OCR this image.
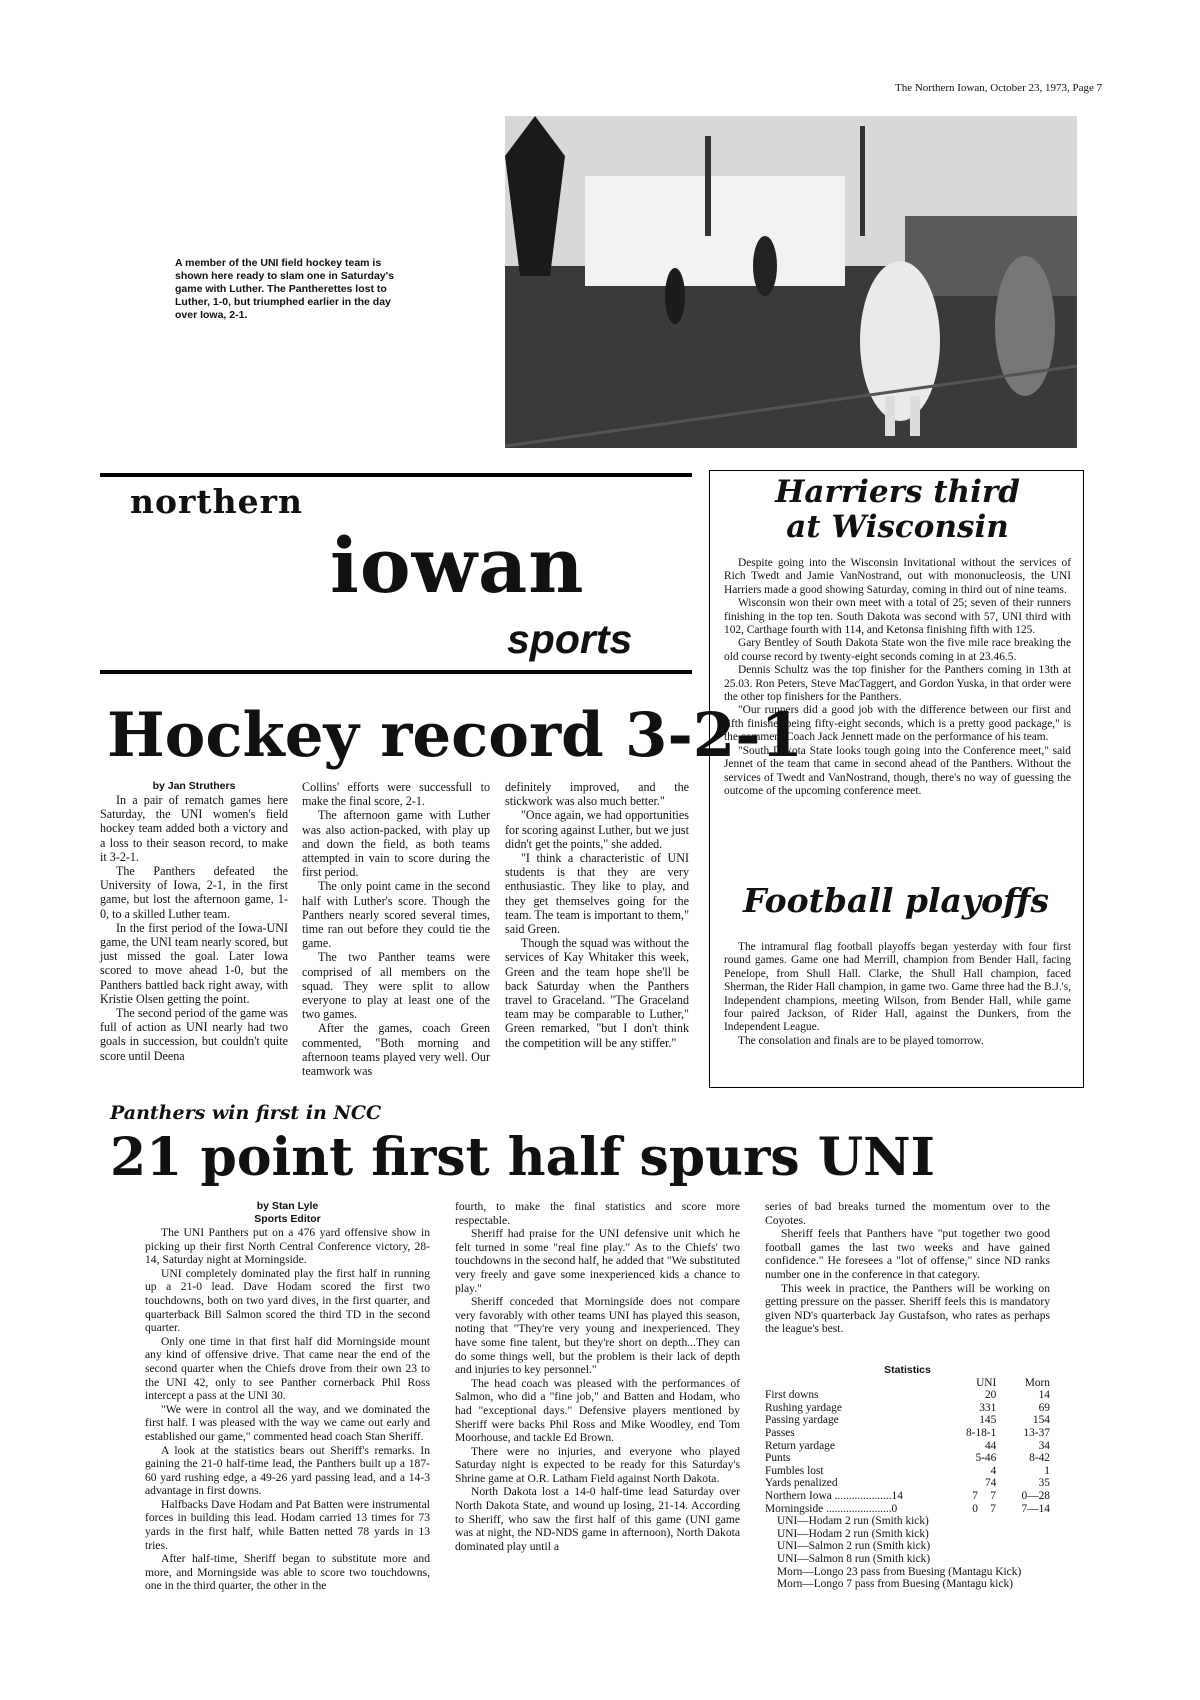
The Northern Iowan, October 23, 1973, Page 7
A member of the UNI field hockey team is shown here ready to slam one in Saturday's game with Luther. The Pantherettes lost to Luther, 1-0, but triumphed earlier in the day over Iowa, 2-1.
northern
iowan
sports
Hockey record 3-2-1
by Jan Struthers

In a pair of rematch games here Saturday, the UNI women's field hockey team added both a victory and a loss to their season record, to make it 3-2-1.

The Panthers defeated the University of Iowa, 2-1, in the first game, but lost the afternoon game, 1-0, to a skilled Luther team.

In the first period of the Iowa-UNI game, the UNI team nearly scored, but just missed the goal. Later Iowa scored to move ahead 1-0, but the Panthers battled back right away, with Kristie Olsen getting the point.

The second period of the game was full of action as UNI nearly had two goals in succession, but couldn't quite score until Deena

Collins' efforts were successfull to make the final score, 2-1.

The afternoon game with Luther was also action-packed, with play up and down the field, as both teams attempted in vain to score during the first period.

The only point came in the second half with Luther's score. Though the Panthers nearly scored several times, time ran out before they could tie the game.

The two Panther teams were comprised of all members on the squad. They were split to allow everyone to play at least one of the two games.

After the games, coach Green commented, "Both morning and afternoon teams played very well. Our teamwork was

definitely improved, and the stickwork was also much better."

"Once again, we had opportunities for scoring against Luther, but we just didn't get the points," she added.

"I think a characteristic of UNI students is that they are very enthusiastic. They like to play, and they get themselves going for the team. The team is important to them," said Green.

Though the squad was without the services of Kay Whitaker this week, Green and the team hope she'll be back Saturday when the Panthers travel to Graceland. "The Graceland team may be comparable to Luther," Green remarked, "but I don't think the competition will be any stiffer."

Harriers third at Wisconsin

Despite going into the Wisconsin Invitational without the services of Rich Twedt and Jamie VanNostrand, out with mononucleosis, the UNI Harriers made a good showing Saturday, coming in third out of nine teams.

Wisconsin won their own meet with a total of 25; seven of their runners finishing in the top ten. South Dakota was second with 57, UNI third with 102, Carthage fourth with 114, and Ketonsa finishing fifth with 125.

Gary Bentley of South Dakota State won the five mile race breaking the old course record by twenty-eight seconds coming in at 23.46.5.

Dennis Schultz was the top finisher for the Panthers coming in 13th at 25.03. Ron Peters, Steve MacTaggert, and Gordon Yuska, in that order were the other top finishers for the Panthers.

"Our runners did a good job with the difference between our first and fifth finisher being fifty-eight seconds, which is a pretty good package," is the comment Coach Jack Jennett made on the performance of his team.

"South Dakota State looks tough going into the Conference meet," said Jennet of the team that came in second ahead of the Panthers. Without the services of Twedt and VanNostrand, though, there's no way of guessing the outcome of the upcoming conference meet.

Football playoffs

The intramural flag football playoffs began yesterday with four first round games. Game one had Merrill, champion from Bender Hall, facing Penelope, from Shull Hall. Clarke, the Shull Hall champion, faced Sherman, the Rider Hall champion, in game two. Game three had the B.J.'s, Independent champions, meeting Wilson, from Bender Hall, while game four paired Jackson, of Rider Hall, against the Dunkers, from the Independent League.

The consolation and finals are to be played tomorrow.

Panthers win first in NCC
21 point first half spurs UNI
by Stan Lyle
Sports Editor

The UNI Panthers put on a 476 yard offensive show in picking up their first North Central Conference victory, 28-14, Saturday night at Morningside.

UNI completely dominated play the first half in running up a 21-0 lead. Dave Hodam scored the first two touchdowns, both on two yard dives, in the first quarter, and quarterback Bill Salmon scored the third TD in the second quarter.

Only one time in that first half did Morningside mount any kind of offensive drive. That came near the end of the second quarter when the Chiefs drove from their own 23 to the UNI 42, only to see Panther cornerback Phil Ross intercept a pass at the UNI 30.

"We were in control all the way, and we dominated the first half. I was pleased with the way we came out early and established our game," commented head coach Stan Sheriff.

A look at the statistics bears out Sheriff's remarks. In gaining the 21-0 half-time lead, the Panthers built up a 187-60 yard rushing edge, a 49-26 yard passing lead, and a 14-3 advantage in first downs.

Halfbacks Dave Hodam and Pat Batten were instrumental forces in building this lead. Hodam carried 13 times for 73 yards in the first half, while Batten netted 78 yards in 13 tries.

After half-time, Sheriff began to substitute more and more, and Morningside was able to score two touchdowns, one in the third quarter, the other in the

fourth, to make the final statistics and score more respectable.

Sheriff had praise for the UNI defensive unit which he felt turned in some "real fine play." As to the Chiefs' two touchdowns in the second half, he added that "We substituted very freely and gave some inexperienced kids a chance to play."

Sheriff conceded that Morningside does not compare very favorably with other teams UNI has played this season, noting that "They're very young and inexperienced. They have some fine talent, but they're short on depth...They can do some things well, but the problem is their lack of depth and injuries to key personnel."

The head coach was pleased with the performances of Salmon, who did a "fine job," and Batten and Hodam, who had "exceptional days." Defensive players mentioned by Sheriff were backs Phil Ross and Mike Woodley, end Tom Moorhouse, and tackle Ed Brown.

There were no injuries, and everyone who played Saturday night is expected to be ready for this Saturday's Shrine game at O.R. Latham Field against North Dakota.

North Dakota lost a 14-0 half-time lead Saturday over North Dakota State, and wound up losing, 21-14. According to Sheriff, who saw the first half of this game (UNI game was at night, the ND-NDS game in afternoon), North Dakota dominated play until a

series of bad breaks turned the momentum over to the Coyotes.

Sheriff feels that Panthers have "put together two good football games the last two weeks and have gained confidence." He foresees a "lot of offense," since ND ranks number one in the conference in that category.

This week in practice, the Panthers will be working on getting pressure on the passer. Sheriff feels this is mandatory given ND's quarterback Jay Gustafson, who rates as perhaps the league's best.

Statistics
	UNI	Morn
First downs	20	14
Rushing yardage	331	69
Passing yardage	145	154
Passes	8-18-1	13-37
Return yardage	44	34
Punts	5-46	8-42
Fumbles lost	4	1
Yards penalized	74	35
Northern Iowa ....................14	7	7	0—28
Morningside .......................0	0	7	7—14
UNI—Hodam 2 run (Smith kick)
UNI—Hodam 2 run (Smith kick)
UNI—Salmon 2 run (Smith kick)
UNI—Salmon 8 run (Smith kick)
Morn—Longo 23 pass from Buesing (Mantagu Kick)
Morn—Longo 7 pass from Buesing (Mantagu kick)
